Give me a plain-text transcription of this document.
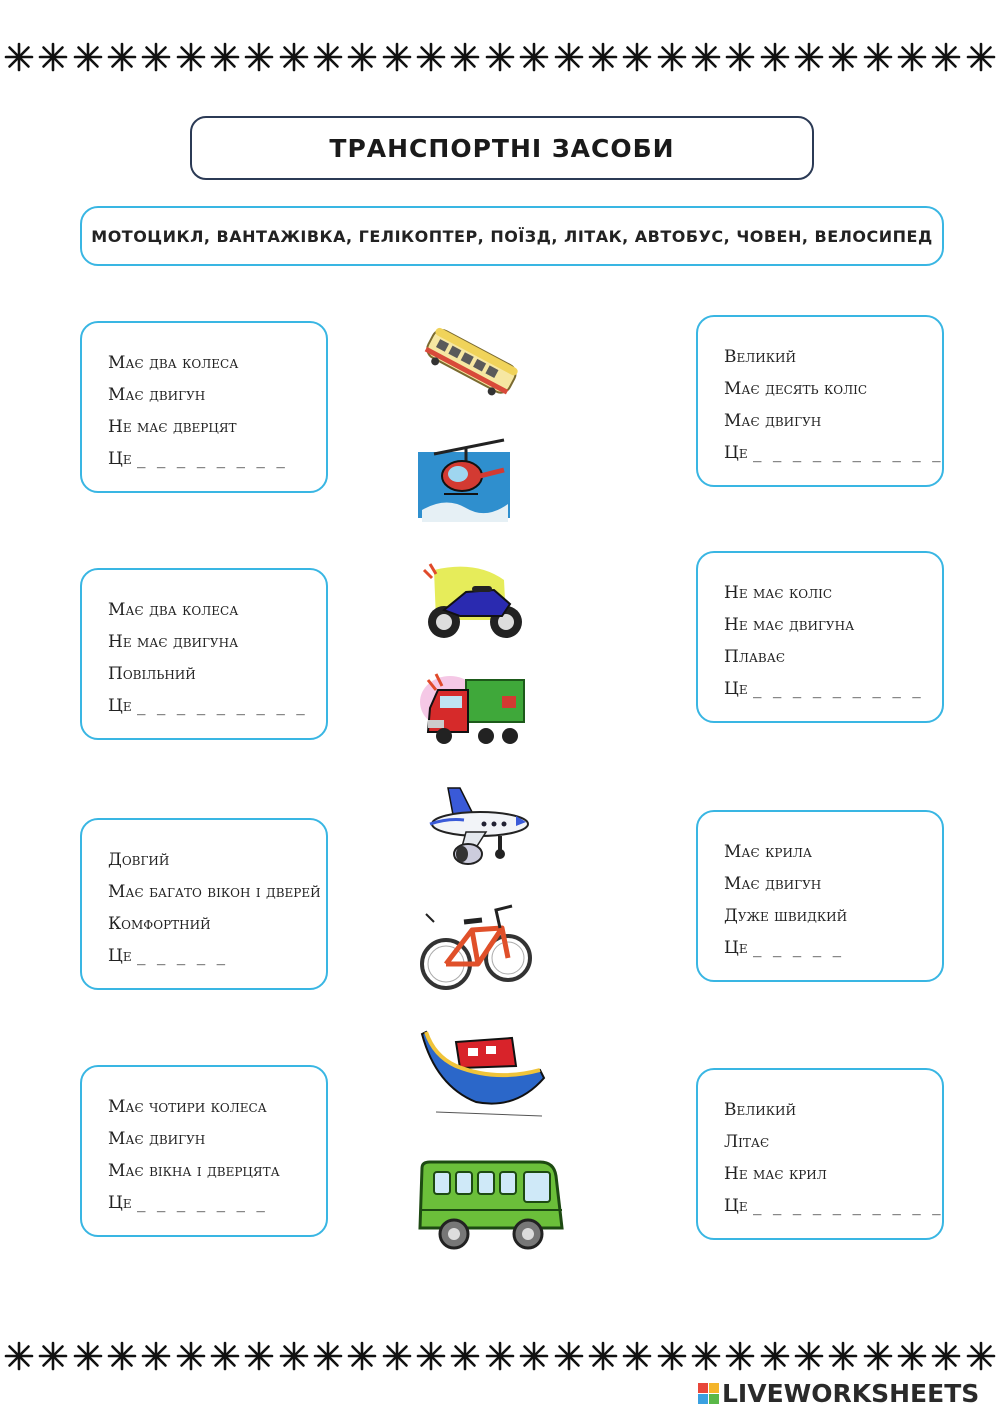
ТРАНСПОРТНІ ЗАСОБИ
МОТОЦИКЛ, ВАНТАЖІВКА, ГЕЛІКОПТЕР, ПОЇЗД, ЛІТАК, АВТОБУС, ЧОВЕН, ВЕЛОСИПЕД
Має два колеса
Має двигун
Не має дверцят
Це _ _ _ _ _ _ _ _
Має два колеса
Не має двигуна
Повільний
Це _ _ _ _ _ _ _ _ _
Довгий
Має багато вікон і дверей
Комфортний
Це _ _ _ _ _
Має чотири колеса
Має двигун
Має вікна і дверцята
Це _ _ _ _ _ _ _
Великий
Має десять коліс
Має двигун
Це _ _ _ _ _ _ _ _ _ _
Не має коліс
Не має двигуна
Плаває
Це _ _ _ _ _ _ _ _ _
Має крила
Має двигун
Дуже швидкий
Це _ _ _ _ _
Великий
Літає
Не має крил
Це _ _ _ _ _ _ _ _ _ _
LIVEWORKSHEETS
